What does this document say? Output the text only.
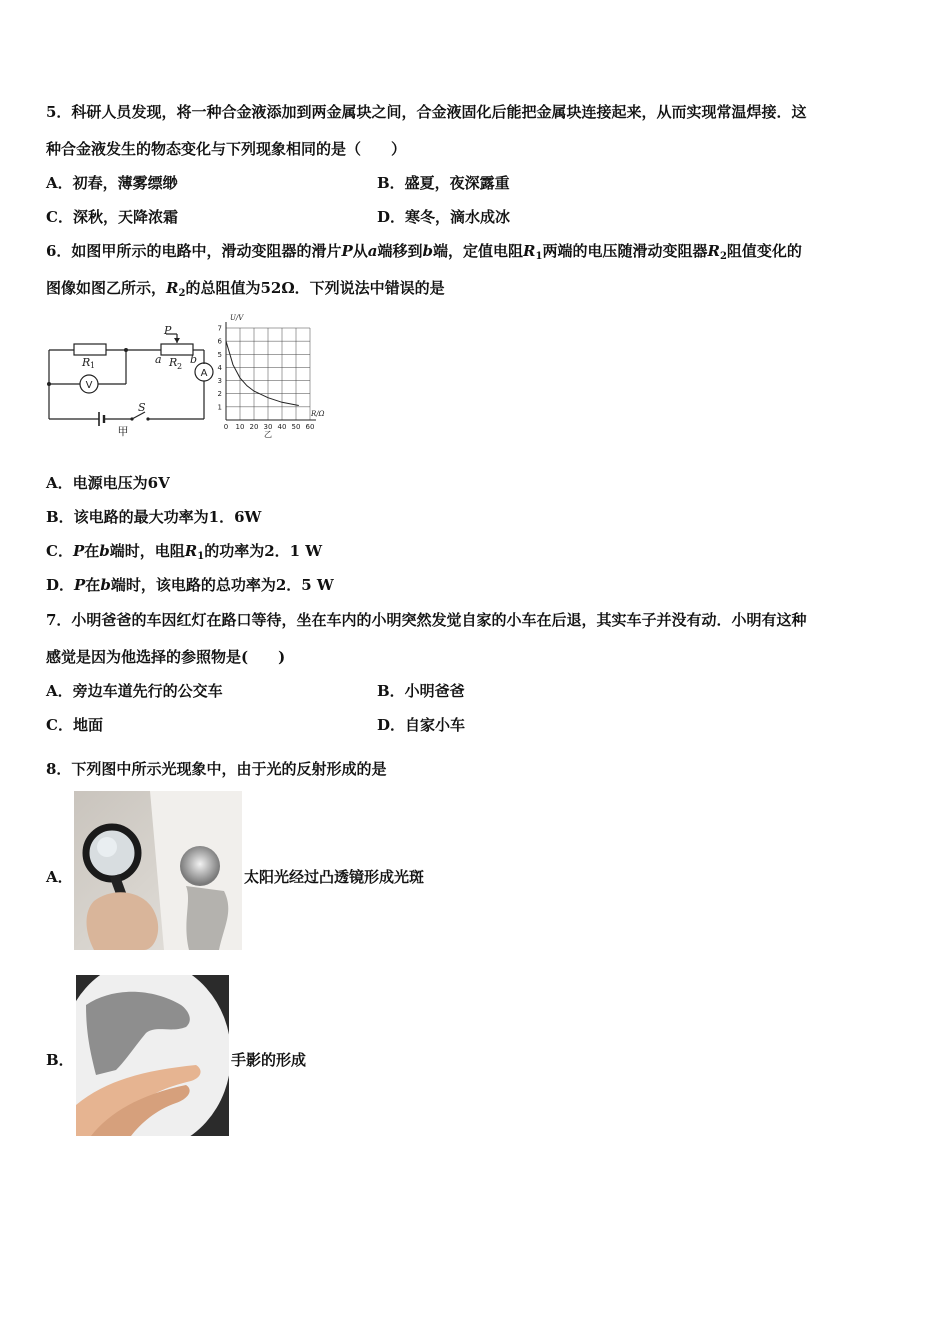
5．科研人员发现，将一种合金液添加到两金属块之间，合金液固化后能把金属块连接起来，从而实现常温焊接．这
种合金液发生的物态变化与下列现象相同的是（　　）
A．初春，薄雾缥缈	B．盛夏，夜深露重
C．深秋，天降浓霜	D．寒冬，滴水成冰
6．如图甲所示的电路中，滑动变阻器的滑片P从a端移到b端，定值电阻$R_1$两端的电压随滑动变阻器$R_2$阻值变化的
图像如图乙所示，$R_2$的总阻值为52Ω．下列说法中错误的是
P
R	a R b
S
1	2
A
V
甲	0 10 20 30 40 50 60
1
2
3
4
5
6
7
U/V
R/Ω
乙
A．电源电压为6V
B．该电路的最大功率为1．6W
C．P在b端时，电阻$R_1$的功率为2．1 W
D．P在b端时，该电路的总功率为2．5 W
7．小明爸爸的车因红灯在路口等待，坐在车内的小明突然发觉自家的小车在后退，其实车子并没有动．小明有这种
感觉是因为他选择的参照物是(　　)
A．旁边车道先行的公交车	B．小明爸爸
C．地面	D．自家小车
8．下列图中所示光现象中，由于光的反射形成的是
A．	太阳光经过凸透镜形成光斑
B．	手影的形成
